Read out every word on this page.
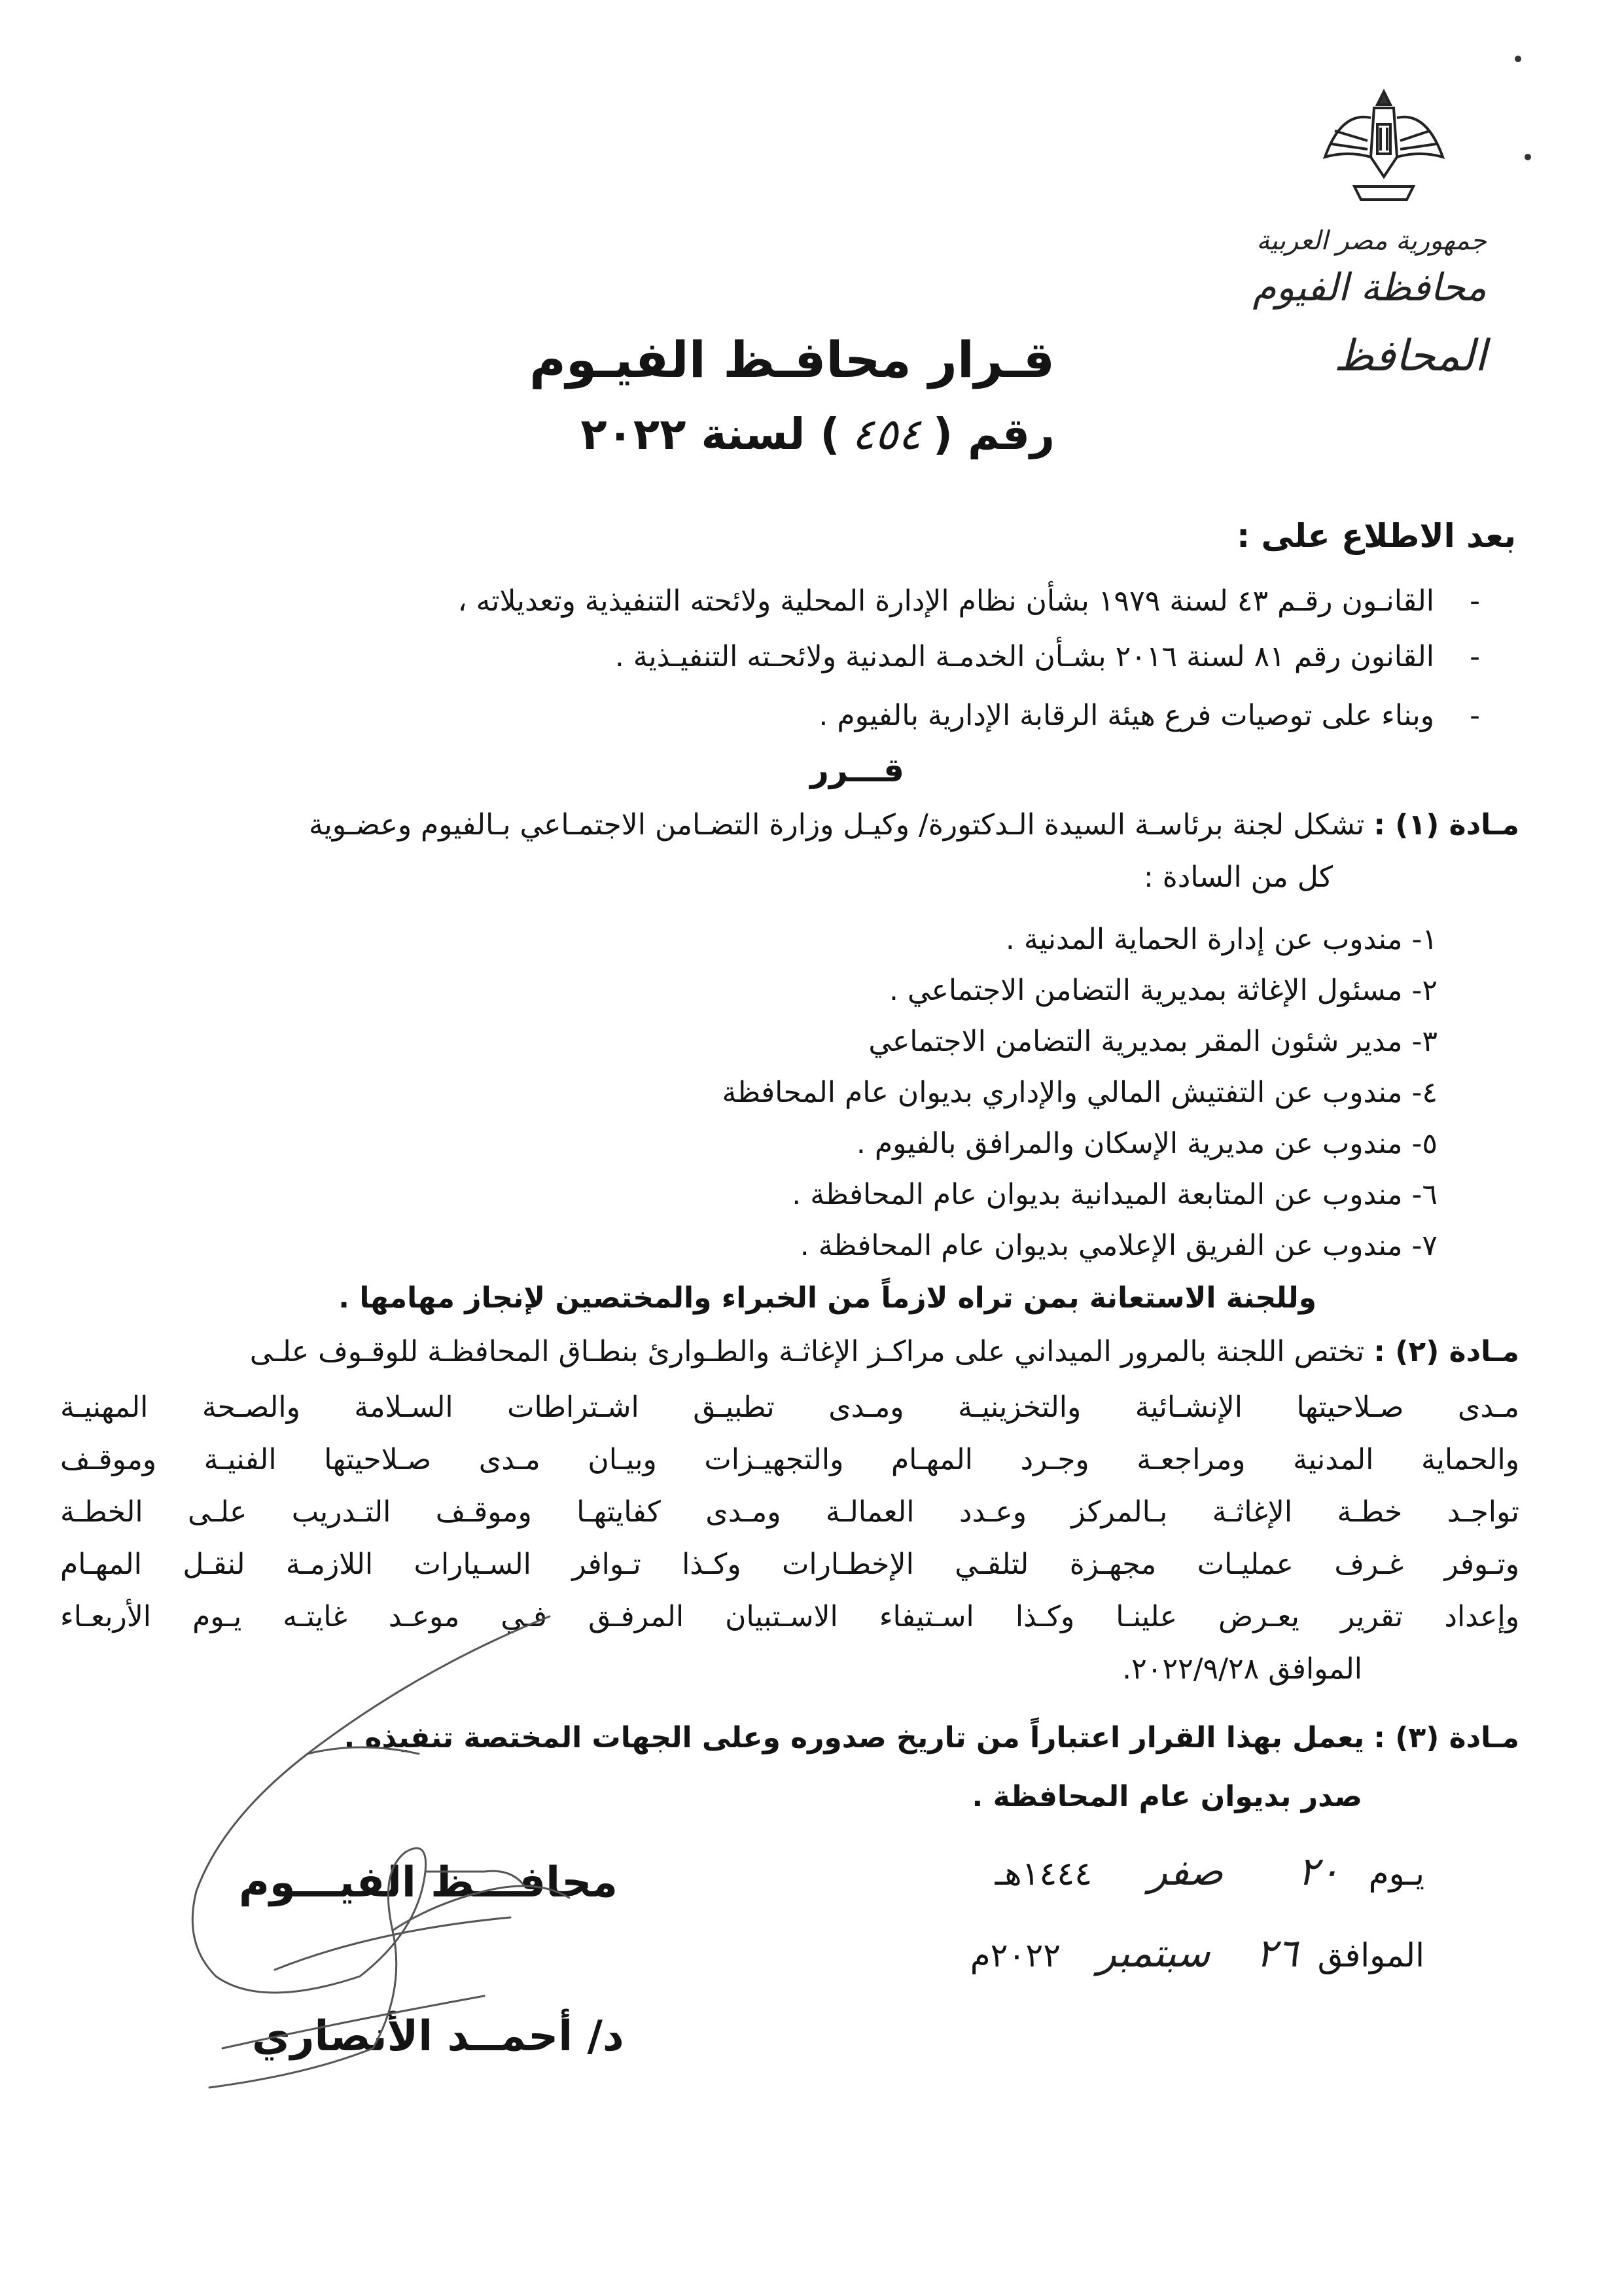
جمهورية مصر العربية
محافظة الفيوم
المحافظ
قـرار محافـظ الفيـوم
رقم (٤٥٤) لسنة ٢٠٢٢
بعد الاطلاع على :
-القانـون رقـم ٤٣ لسنة ١٩٧٩ بشأن نظام الإدارة المحلية ولائحته التنفيذية وتعديلاته ،
-القانون رقم ٨١ لسنة ٢٠١٦ بشـأن الخدمـة المدنية ولائحـته التنفيـذية .
-وبناء على توصيات فرع هيئة الرقابة الإدارية بالفيوم .
قـــرر
مـادة (١) : تشكل لجنة برئاسـة السيدة الـدكتورة/ وكيـل وزارة التضـامن الاجتمـاعي بـالفيوم وعضـوية
كل من السادة :
١- مندوب عن إدارة الحماية المدنية .
٢- مسئول الإغاثة بمديرية التضامن الاجتماعي .
٣- مدير شئون المقر بمديرية التضامن الاجتماعي
٤- مندوب عن التفتيش المالي والإداري بديوان عام المحافظة
٥- مندوب عن مديرية الإسكان والمرافق بالفيوم .
٦- مندوب عن المتابعة الميدانية بديوان عام المحافظة .
٧- مندوب عن الفريق الإعلامي بديوان عام المحافظة .
وللجنة الاستعانة بمن تراه لازماً من الخبراء والمختصين لإنجاز مهامها .
مـادة (٢) : تختص اللجنة بالمرور الميداني على مراكـز الإغاثـة والطـوارئ بنطـاق المحافظـة للوقـوف علـى
مـدى صـلاحيتها الإنشـائية والتخزينيـة ومـدى تطبيـق اشـتراطات السـلامة والصـحة المهنيـة
والحماية المدنية ومراجعـة وجـرد المهـام والتجهيـزات وبيـان مـدى صـلاحيتها الفنيـة وموقـف
تواجـد خطـة الإغاثـة بـالمركز وعـدد العمالـة ومـدى كفايتهـا وموقـف التـدريب علـى الخطـة
وتـوفر غـرف عمليـات مجهـزة لتلقـي الإخطـارات وكـذا تـوافر السـيارات اللازمـة لنقـل المهـام
وإعداد تقرير يعـرض علينـا وكـذا اسـتيفاء الاسـتبيان المرفـق فـي موعـد غايتـه يـوم الأربعـاء
الموافق ٢٠٢٢/٩/٢٨.
مـادة (٣) : يعمل بهذا القرار اعتباراً من تاريخ صدوره وعلى الجهات المختصة تنفيذه .
صدر بديوان عام المحافظة .
يـوم ٢٠ صفر ١٤٤٤هـ
الموافق ٢٦ سبتمبر ٢٠٢٢م
محافـــظ الفيـــوم
د/ أحمــد الأنصاري
